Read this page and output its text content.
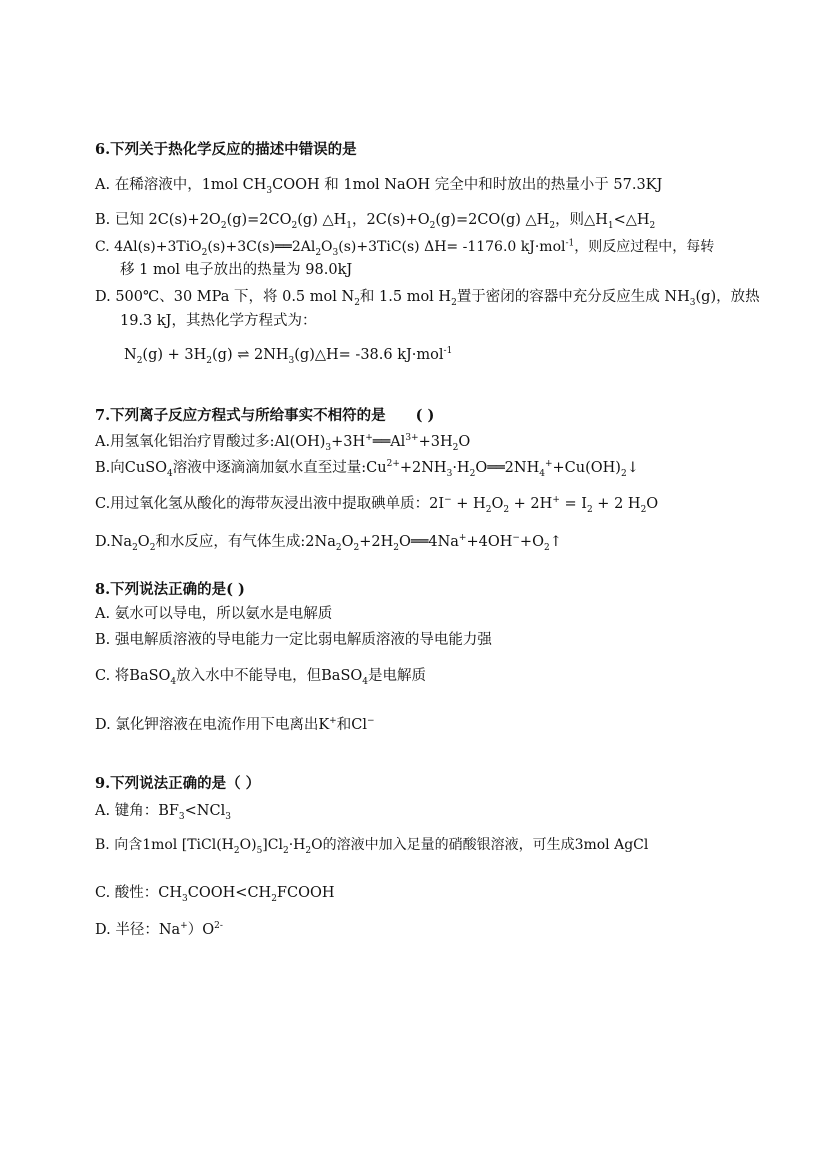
6.下列关于热化学反应的描述中错误的是
A. 在稀溶液中，1mol $CH_3COOH$ 和 1mol NaOH 完全中和时放出的热量小于 57.3KJ
B. 已知 $2C(s)+2O_2(g)=2CO_2(g)$ $\triangle H_1$，$2C(s)+O_2(g)=2CO(g)$ $\triangle H_2$，则$\triangle H_1<\triangle H_2$
C. $4Al(s)+3TiO_2(s)+3C(s)══2Al_2O_3(s)+3TiC(s)$ ΔH= -1176.0 kJ·mol$^{-1}$，则反应过程中，每转
移 1 mol 电子放出的热量为 98.0kJ
D. 500℃、30 MPa 下，将 0.5 mol $N_2$和 1.5 mol $H_2$置于密闭的容器中充分反应生成 $NH_3(g)$，放热
19.3 kJ，其热化学方程式为：
$N_2(g) + 3H_2(g)$ ⇌ $2NH_3(g)\triangle H= -38.6$ kJ·mol$^{-1}$
7.下列离子反应方程式与所给事实不相符的是 ( )
A.用氢氧化铝治疗胃酸过多$:Al(OH)_3+3H^+══Al^{3+}+3H_2O$
B.向CuSO$_4$溶液中逐滴滴加氨水直至过量$:Cu^{2+}+2NH_3\cdot H_2O══2NH_4^++Cu(OH)_2↓$
C.用过氧化氢从酸化的海带灰浸出液中提取碘单质：$2I^- + H_2O_2 + 2H^+ = I_2 + 2$ $H_2O$
$D.Na_2O_2$和水反应，有气体生成$:2Na_2O_2+2H_2O══4Na^++4OH^-+O_2↑$
8.下列说法正确的是( )
A. 氨水可以导电，所以氨水是电解质
B. 强电解质溶液的导电能力一定比弱电解质溶液的导电能力强
C. 将BaSO$_4$放入水中不能导电，但BaSO$_4$是电解质
D. 氯化钾溶液在电流作用下电离出K+和Cl−
9.下列说法正确的是（ ）
A. 键角：$BF_3<NCl_3$
B. 向含1mol $[TiCl(H_2O)_5]Cl_2\cdot H_2O$的溶液中加入足量的硝酸银溶液，可生成3mol AgCl
C. 酸性：$CH_3COOH<CH_2FCOOH$
D. 半径：$Na^+)O^{2-}$
